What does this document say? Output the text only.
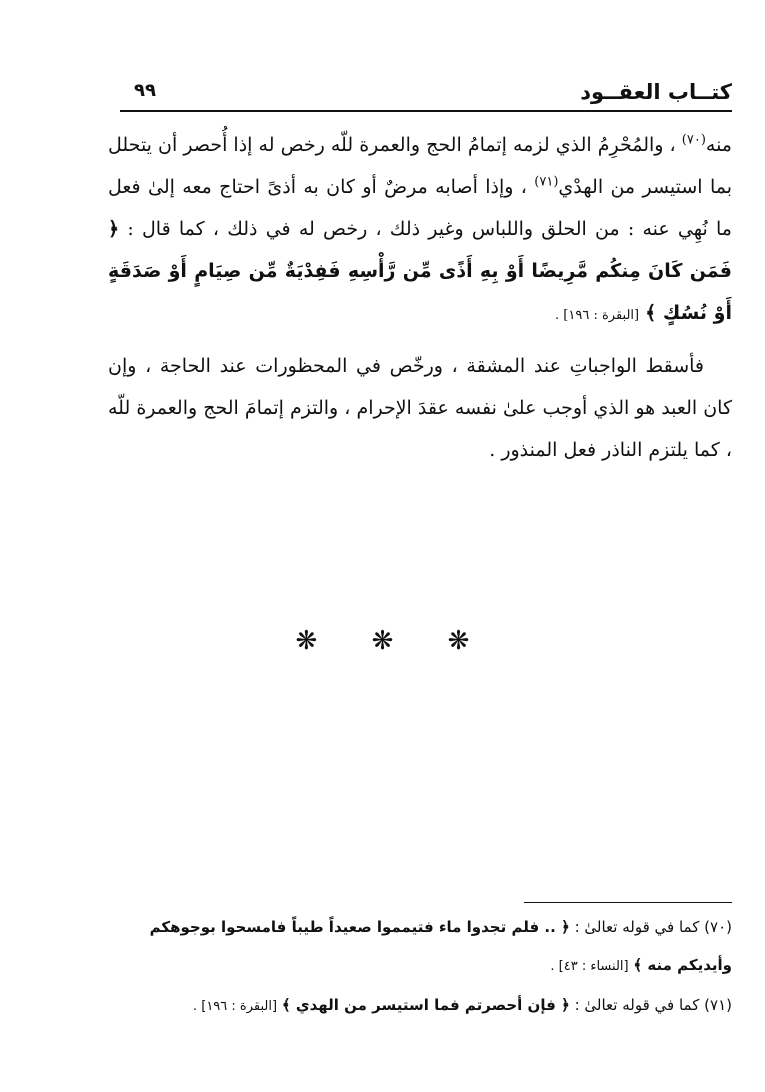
كتــاب العقــود
٩٩

منه$^{(٧٠)}$ ، والمُحْرِمُ الذي لزمه إتمامُ الحج والعمرة للّه رخص له إذا أُحصر أن يتحلل بما استيسر من الهدْي$^{(٧١)}$ ، وإذا أصابه مرضٌ أو كان به أذىً احتاج معه إلىٰ فعل ما نُهِي عنه : من الحلق واللباس وغير ذلك ، رخص له في ذلك ، كما قال : ﴿ فَمَن كَانَ مِنكُم مَّرِيضًا أَوْ بِهِ أَذًى مِّن رَّأْسِهِ فَفِدْيَةٌ مِّن صِيَامٍ أَوْ صَدَقَةٍ أَوْ نُسُكٍ ﴾ [البقرة : ١٩٦] .

فأسقط الواجباتِ عند المشقة ، ورخّص في المحظورات عند الحاجة ، وإن كان العبد هو الذي أوجب علىٰ نفسه عقدَ الإحرام ، والتزم إتمامَ الحج والعمرة للّه ، كما يلتزم الناذر فعل المنذور .

❋ ❋ ❋

(٧٠) كما في قوله تعالىٰ : ﴿ .. فلم تجدوا ماء فتيمموا صعيداً طيباً فامسحوا بوجوهكم وأيديكم منه ﴾ [النساء : ٤٣] .

(٧١) كما في قوله تعالىٰ : ﴿ فإن أحصرتم فما استيسر من الهدي ﴾ [البقرة : ١٩٦] .
